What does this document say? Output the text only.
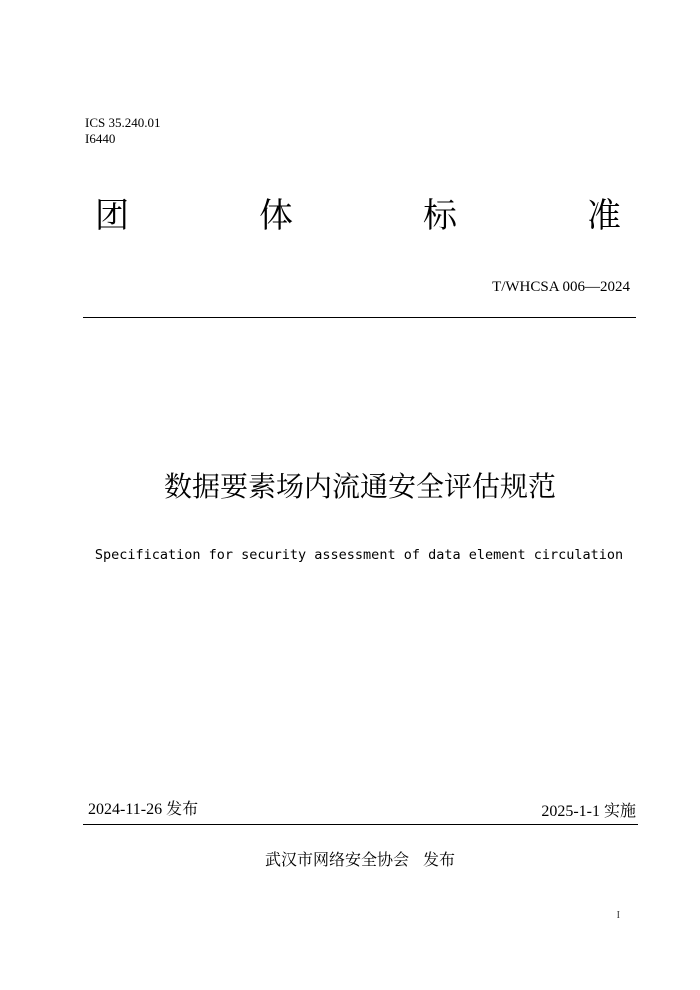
ICS 35.240.01
I6440
团	体	标	准
T/WHCSA 006—2024
数据要素场内流通安全评估规范
Specification for security assessment of data element circulation
2024-11-26 发布	2025-1-1 实施
武汉市网络安全协会 发布
I
